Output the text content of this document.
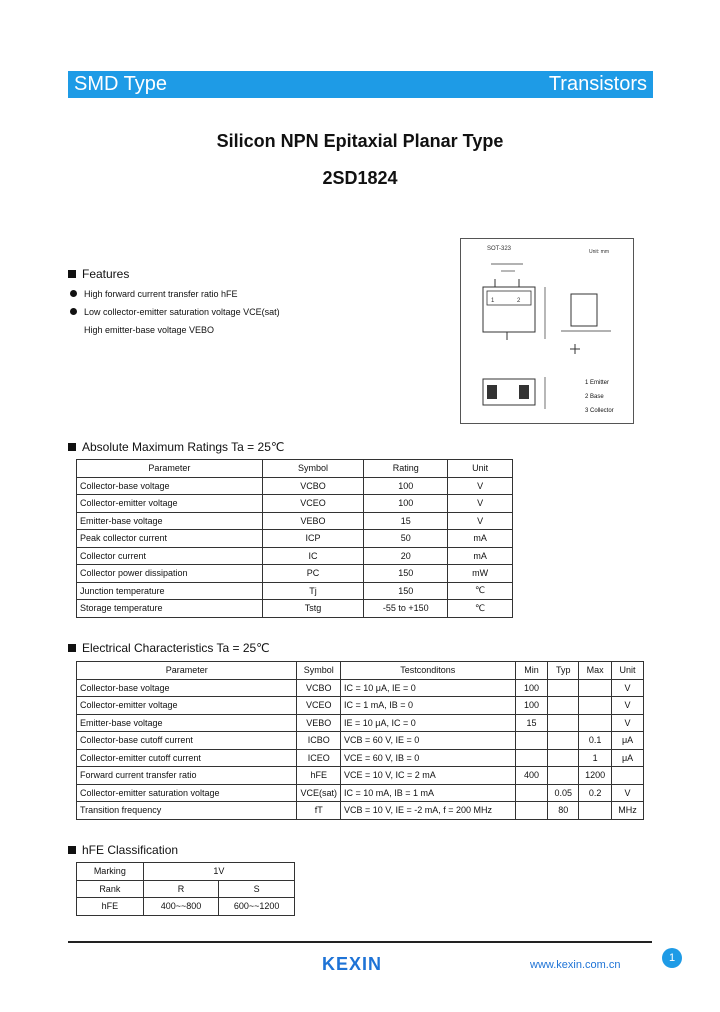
SMD Type	Transistors
Silicon NPN Epitaxial Planar Type
2SD1824
Features
High forward current transfer ratio hFE
Low collector-emitter saturation voltage VCE(sat)
High emitter-base voltage VEBO
SOT-323	Unit: mm
1	2
1 Emitter
2 Base
3 Collector
Absolute Maximum Ratings Ta = 25℃
Parameter	Symbol	Rating	Unit
Collector-base voltage	VCBO	100	V
Collector-emitter voltage	VCEO	100	V
Emitter-base voltage	VEBO	15	V
Peak collector current	ICP	50	mA
Collector current	IC	20	mA
Collector power dissipation	PC	150	mW
Junction temperature	Tj	150	℃
Storage temperature	Tstg	-55 to +150	℃
Electrical Characteristics Ta = 25℃
Parameter	Symbol	Testconditons	Min	Typ	Max	Unit
Collector-base voltage	VCBO	IC = 10 μA, IE = 0	100			V
Collector-emitter voltage	VCEO	IC = 1 mA, IB = 0	100			V
Emitter-base voltage	VEBO	IE = 10 μA, IC = 0	15			V
Collector-base cutoff current	ICBO	VCB = 60 V, IE = 0			0.1	μA
Collector-emitter cutoff current	ICEO	VCE = 60 V, IB = 0			1	μA
Forward current transfer ratio	hFE	VCE = 10 V, IC = 2 mA	400		1200	
Collector-emitter saturation voltage	VCE(sat)	IC = 10 mA, IB = 1 mA		0.05	0.2	V
Transition frequency	fT	VCB = 10 V, IE = -2 mA, f = 200 MHz		80		MHz
hFE Classification
Marking	1V	
Rank	R	S
hFE	400~~800	600~~1200
1
KEXIN	www.kexin.com.cn
